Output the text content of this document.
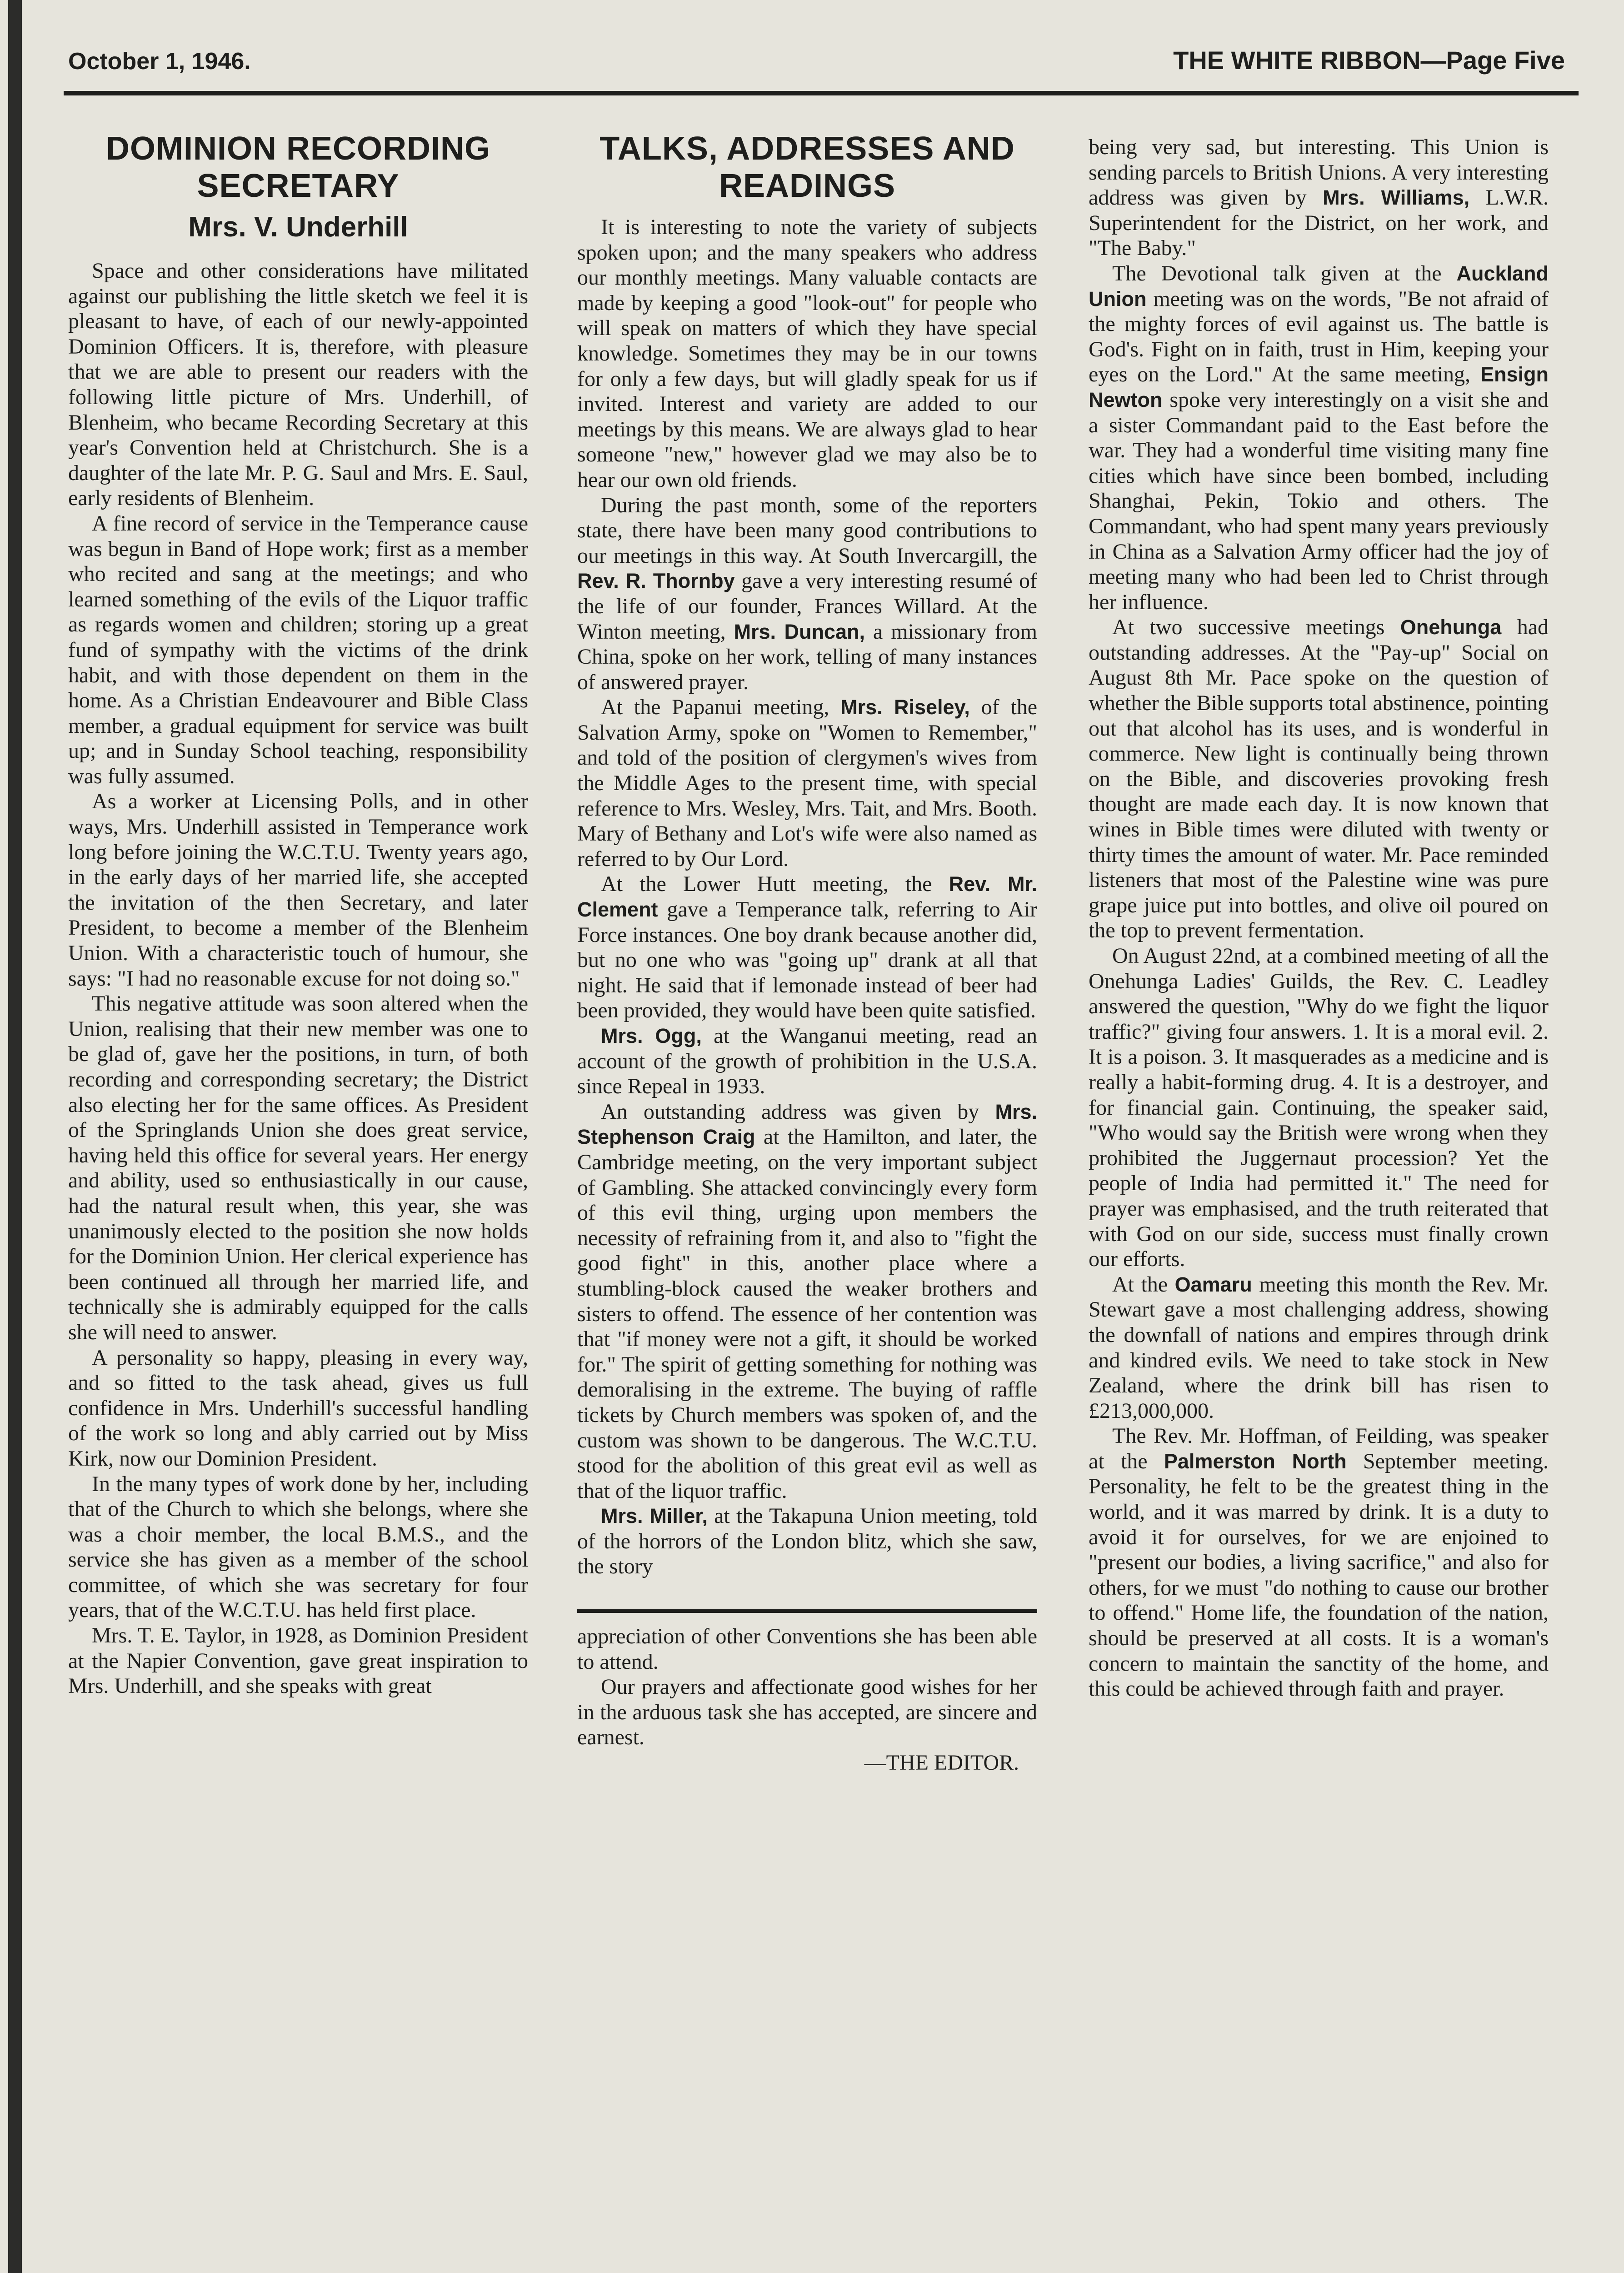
October 1, 1946.	THE WHITE RIBBON—Page Five
DOMINION RECORDING
SECRETARY
Mrs. V. Underhill

Space and other considerations have militated against our publishing the little sketch we feel it is pleasant to have, of each of our newly-appointed Dominion Officers. It is, therefore, with pleasure that we are able to present our readers with the following little picture of Mrs. Underhill, of Blenheim, who became Recording Secretary at this year's Convention held at Christchurch. She is a daughter of the late Mr. P. G. Saul and Mrs. E. Saul, early residents of Blenheim.

A fine record of service in the Temperance cause was begun in Band of Hope work; first as a member who recited and sang at the meetings; and who learned something of the evils of the Liquor traffic as regards women and children; storing up a great fund of sympathy with the victims of the drink habit, and with those dependent on them in the home. As a Christian Endeavourer and Bible Class member, a gradual equipment for service was built up; and in Sunday School teaching, responsibility was fully assumed.

As a worker at Licensing Polls, and in other ways, Mrs. Underhill assisted in Temperance work long before joining the W.C.T.U. Twenty years ago, in the early days of her married life, she accepted the invitation of the then Secretary, and later President, to become a member of the Blenheim Union. With a characteristic touch of humour, she says: "I had no reasonable excuse for not doing so."

This negative attitude was soon altered when the Union, realising that their new member was one to be glad of, gave her the positions, in turn, of both recording and corresponding secretary; the District also electing her for the same offices. As President of the Springlands Union she does great service, having held this office for several years. Her energy and ability, used so enthusiastically in our cause, had the natural result when, this year, she was unanimously elected to the position she now holds for the Dominion Union. Her clerical experience has been continued all through her married life, and technically she is admirably equipped for the calls she will need to answer.

A personality so happy, pleasing in every way, and so fitted to the task ahead, gives us full confidence in Mrs. Underhill's successful handling of the work so long and ably carried out by Miss Kirk, now our Dominion President.

In the many types of work done by her, including that of the Church to which she belongs, where she was a choir member, the local B.M.S., and the service she has given as a member of the school committee, of which she was secretary for four years, that of the W.C.T.U. has held first place.

Mrs. T. E. Taylor, in 1928, as Dominion President at the Napier Convention, gave great inspiration to Mrs. Underhill, and she speaks with great

TALKS, ADDRESSES AND
READINGS

It is interesting to note the variety of subjects spoken upon; and the many speakers who address our monthly meetings. Many valuable contacts are made by keeping a good "look-out" for people who will speak on matters of which they have special knowledge. Sometimes they may be in our towns for only a few days, but will gladly speak for us if invited. Interest and variety are added to our meetings by this means. We are always glad to hear someone "new," however glad we may also be to hear our own old friends.

During the past month, some of the reporters state, there have been many good contributions to our meetings in this way. At South Invercargill, the Rev. R. Thornby gave a very interesting resumé of the life of our founder, Frances Willard. At the Winton meeting, Mrs. Duncan, a missionary from China, spoke on her work, telling of many instances of answered prayer.

At the Papanui meeting, Mrs. Riseley, of the Salvation Army, spoke on "Women to Remember," and told of the position of clergymen's wives from the Middle Ages to the present time, with special reference to Mrs. Wesley, Mrs. Tait, and Mrs. Booth. Mary of Bethany and Lot's wife were also named as referred to by Our Lord.

At the Lower Hutt meeting, the Rev. Mr. Clement gave a Temperance talk, referring to Air Force instances. One boy drank because another did, but no one who was "going up" drank at all that night. He said that if lemonade instead of beer had been provided, they would have been quite satisfied.

Mrs. Ogg, at the Wanganui meeting, read an account of the growth of prohibition in the U.S.A. since Repeal in 1933.

An outstanding address was given by Mrs. Stephenson Craig at the Hamilton, and later, the Cambridge meeting, on the very important subject of Gambling. She attacked convincingly every form of this evil thing, urging upon members the necessity of refraining from it, and also to "fight the good fight" in this, another place where a stumbling-block caused the weaker brothers and sisters to offend. The essence of her contention was that "if money were not a gift, it should be worked for." The spirit of getting something for nothing was demoralising in the extreme. The buying of raffle tickets by Church members was spoken of, and the custom was shown to be dangerous. The W.C.T.U. stood for the abolition of this great evil as well as that of the liquor traffic.

Mrs. Miller, at the Takapuna Union meeting, told of the horrors of the London blitz, which she saw, the story

appreciation of other Conventions she has been able to attend.

Our prayers and affectionate good wishes for her in the arduous task she has accepted, are sincere and earnest.

—THE EDITOR.

being very sad, but interesting. This Union is sending parcels to British Unions. A very interesting address was given by Mrs. Williams, L.W.R. Superintendent for the District, on her work, and "The Baby."

The Devotional talk given at the Auckland Union meeting was on the words, "Be not afraid of the mighty forces of evil against us. The battle is God's. Fight on in faith, trust in Him, keeping your eyes on the Lord." At the same meeting, Ensign Newton spoke very interestingly on a visit she and a sister Commandant paid to the East before the war. They had a wonderful time visiting many fine cities which have since been bombed, including Shanghai, Pekin, Tokio and others. The Commandant, who had spent many years previously in China as a Salvation Army officer had the joy of meeting many who had been led to Christ through her influence.

At two successive meetings Onehunga had outstanding addresses. At the "Pay-up" Social on August 8th Mr. Pace spoke on the question of whether the Bible supports total abstinence, pointing out that alcohol has its uses, and is wonderful in commerce. New light is continually being thrown on the Bible, and discoveries provoking fresh thought are made each day. It is now known that wines in Bible times were diluted with twenty or thirty times the amount of water. Mr. Pace reminded listeners that most of the Palestine wine was pure grape juice put into bottles, and olive oil poured on the top to prevent fermentation.

On August 22nd, at a combined meeting of all the Onehunga Ladies' Guilds, the Rev. C. Leadley answered the question, "Why do we fight the liquor traffic?" giving four answers. 1. It is a moral evil. 2. It is a poison. 3. It masquerades as a medicine and is really a habit-forming drug. 4. It is a destroyer, and for financial gain. Continuing, the speaker said, "Who would say the British were wrong when they prohibited the Juggernaut procession? Yet the people of India had permitted it." The need for prayer was emphasised, and the truth reiterated that with God on our side, success must finally crown our efforts.

At the Oamaru meeting this month the Rev. Mr. Stewart gave a most challenging address, showing the downfall of nations and empires through drink and kindred evils. We need to take stock in New Zealand, where the drink bill has risen to £213,000,000.

The Rev. Mr. Hoffman, of Feilding, was speaker at the Palmerston North September meeting. Personality, he felt to be the greatest thing in the world, and it was marred by drink. It is a duty to avoid it for ourselves, for we are enjoined to "present our bodies, a living sacrifice," and also for others, for we must "do nothing to cause our brother to offend." Home life, the foundation of the nation, should be preserved at all costs. It is a woman's concern to maintain the sanctity of the home, and this could be achieved through faith and prayer.
